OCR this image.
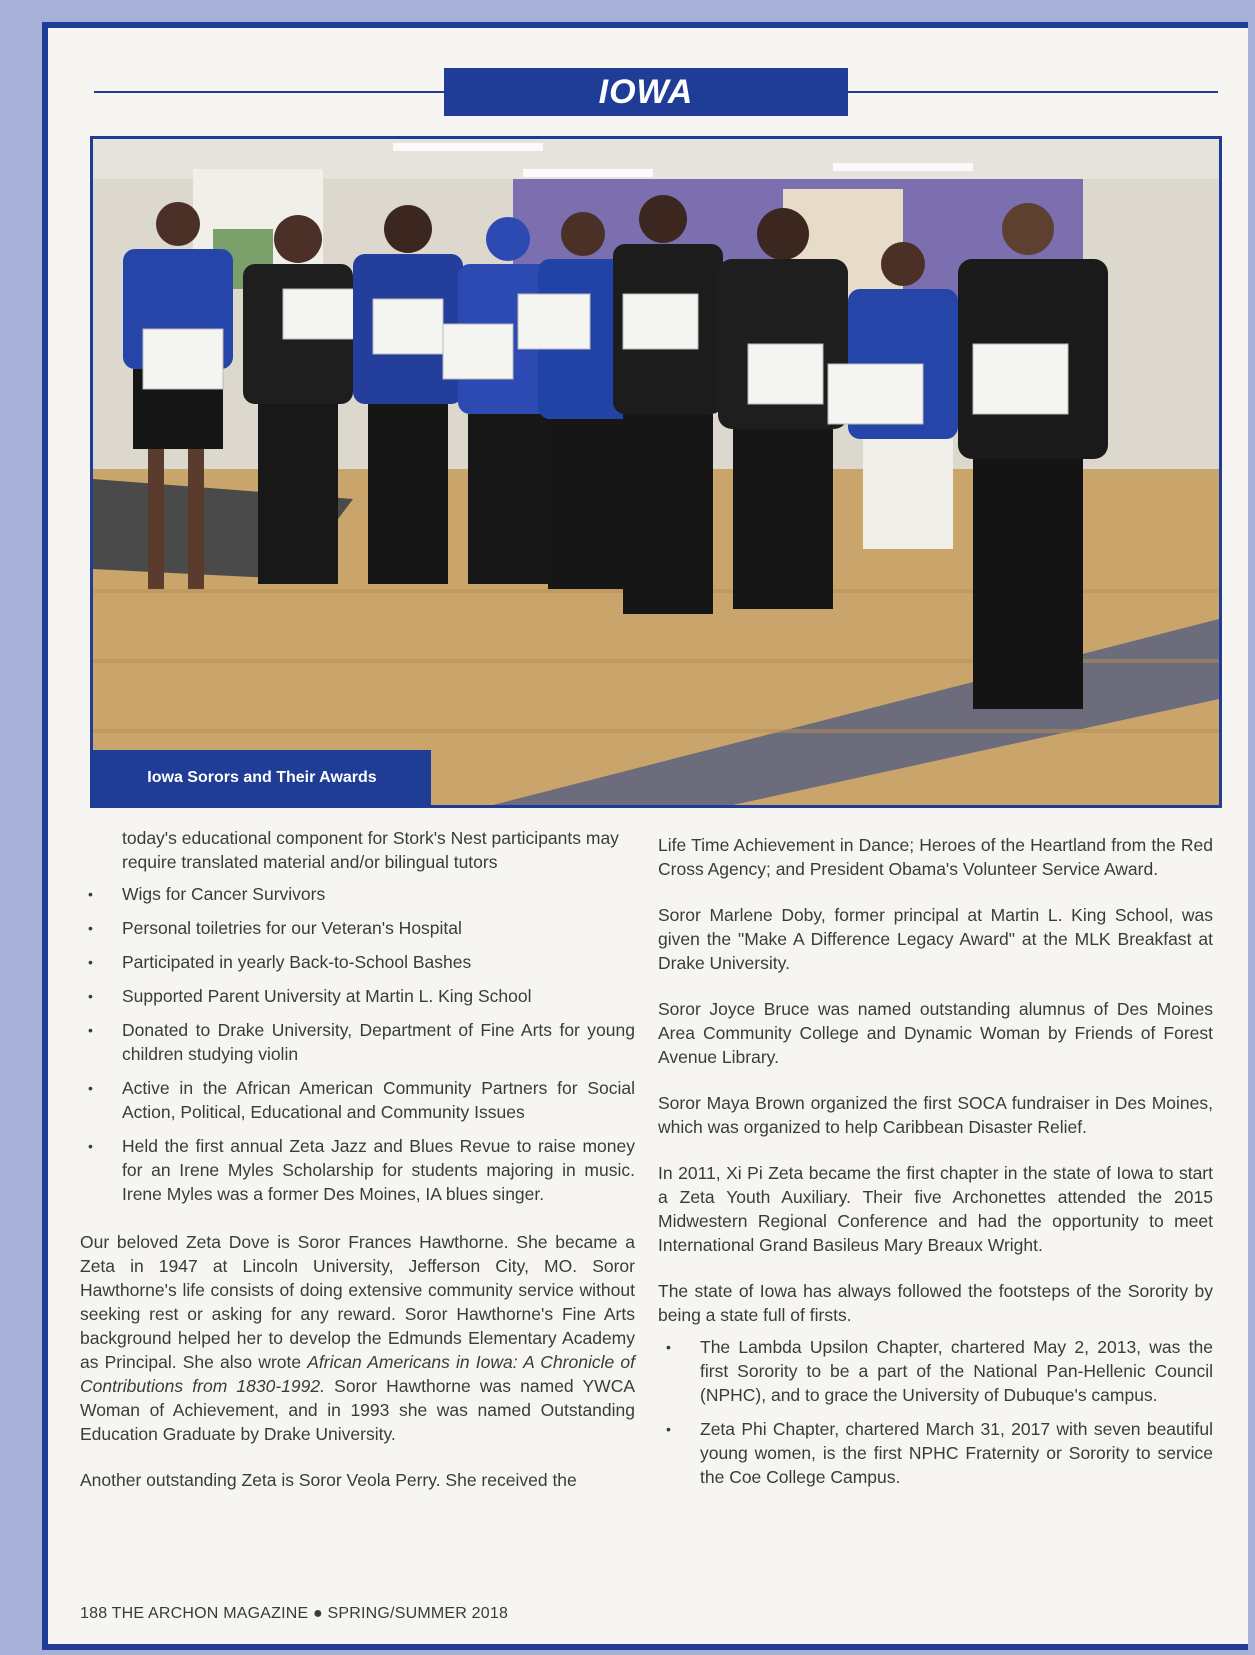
IOWA
Iowa Sorors and Their Awards

today's educational component for Stork's Nest participants may require translated material and/or bilingual tutors

• Wigs for Cancer Survivors
• Personal toiletries for our Veteran's Hospital
• Participated in yearly Back-to-School Bashes
• Supported Parent University at Martin L. King School
• Donated to Drake University, Department of Fine Arts for young children studying violin
• Active in the African American Community Partners for Social Action, Political, Educational and Community Issues
• Held the first annual Zeta Jazz and Blues Revue to raise money for an Irene Myles Scholarship for students majoring in music. Irene Myles was a former Des Moines, IA blues singer.

Our beloved Zeta Dove is Soror Frances Hawthorne. She became a Zeta in 1947 at Lincoln University, Jefferson City, MO. Soror Hawthorne's life consists of doing extensive community service without seeking rest or asking for any reward. Soror Hawthorne's Fine Arts background helped her to develop the Edmunds Elementary Academy as Principal. She also wrote African Americans in Iowa: A Chronicle of Contributions from 1830-1992. Soror Hawthorne was named YWCA Woman of Achievement, and in 1993 she was named Outstanding Education Graduate by Drake University.

Another outstanding Zeta is Soror Veola Perry. She received the

Life Time Achievement in Dance; Heroes of the Heartland from the Red Cross Agency; and President Obama's Volunteer Service Award.

Soror Marlene Doby, former principal at Martin L. King School, was given the "Make A Difference Legacy Award" at the MLK Breakfast at Drake University.

Soror Joyce Bruce was named outstanding alumnus of Des Moines Area Community College and Dynamic Woman by Friends of Forest Avenue Library.

Soror Maya Brown organized the first SOCA fundraiser in Des Moines, which was organized to help Caribbean Disaster Relief.

In 2011, Xi Pi Zeta became the first chapter in the state of Iowa to start a Zeta Youth Auxiliary. Their five Archonettes attended the 2015 Midwestern Regional Conference and had the opportunity to meet International Grand Basileus Mary Breaux Wright.

The state of Iowa has always followed the footsteps of the Sorority by being a state full of firsts.

• The Lambda Upsilon Chapter, chartered May 2, 2013, was the first Sorority to be a part of the National Pan-Hellenic Council (NPHC), and to grace the University of Dubuque's campus.
• Zeta Phi Chapter, chartered March 31, 2017 with seven beautiful young women, is the first NPHC Fraternity or Sorority to service the Coe College Campus.
188 THE ARCHON MAGAZINE ● SPRING/SUMMER 2018
